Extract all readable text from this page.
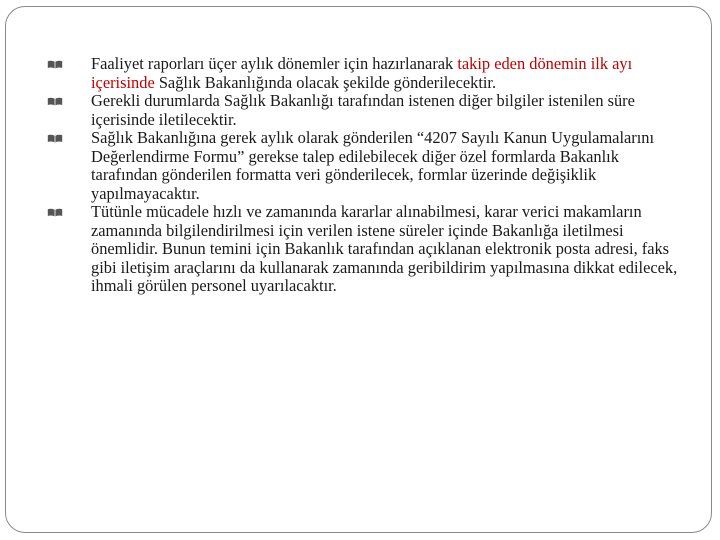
Faaliyet raporları üçer aylık dönemler için hazırlanarak takip eden dönemin ilk ayı içerisinde Sağlık Bakanlığında olacak şekilde gönderilecektir.
Gerekli durumlarda Sağlık Bakanlığı tarafından istenen diğer bilgiler istenilen süre içerisinde iletilecektir.
Sağlık Bakanlığına gerek aylık olarak gönderilen “4207 Sayılı Kanun Uygulamalarını Değerlendirme Formu” gerekse talep edilebilecek diğer özel formlarda Bakanlık tarafından gönderilen formatta veri gönderilecek, formlar üzerinde değişiklik yapılmayacaktır.
Tütünle mücadele hızlı ve zamanında kararlar alınabilmesi, karar verici makamların zamanında bilgilendirilmesi için verilen istene süreler içinde Bakanlığa iletilmesi önemlidir. Bunun temini için Bakanlık tarafından açıklanan elektronik posta adresi, faks gibi iletişim araçlarını da kullanarak zamanında geribildirim yapılmasına dikkat edilecek, ihmali görülen personel uyarılacaktır.
